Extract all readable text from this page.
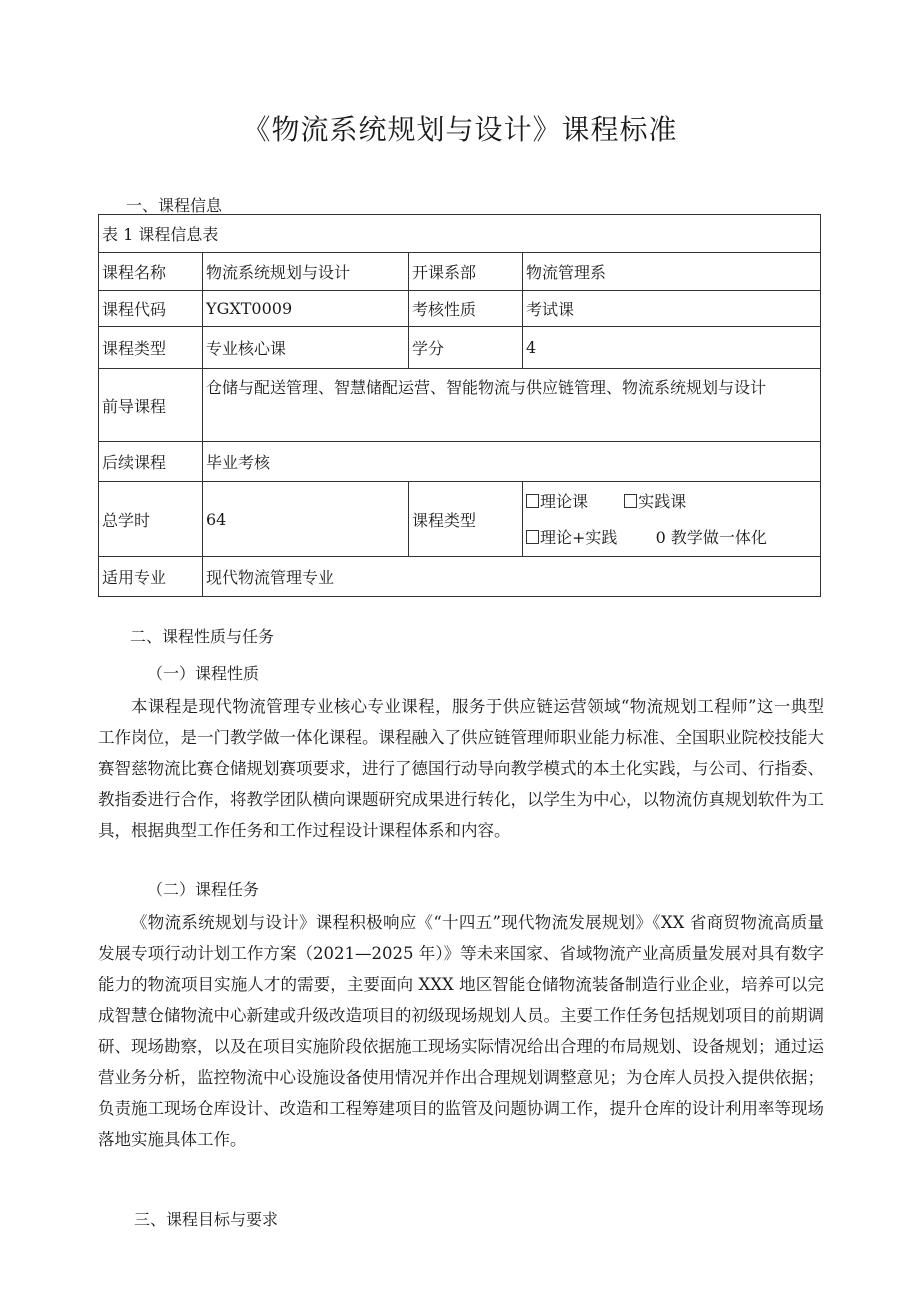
《物流系统规划与设计》课程标准
一、课程信息
表 1 课程信息表			
课程名称	物流系统规划与设计	开课系部	物流管理系
课程代码	YGXT0009	考核性质	考试课
课程类型	专业核心课	学分	4
前导课程	仓储与配送管理、智慧储配运营、智能物流与供应链管理、物流系统规划与设计		
后续课程	毕业考核		
总学时	64	课程类型	理论课 实践课
理论+实践 0 教学做一体化

适用专业	现代物流管理专业		
二、课程性质与任务
（一）课程性质

本课程是现代物流管理专业核心专业课程，服务于供应链运营领域“物流规划工程师”这一典型工作岗位，是一门教学做一体化课程。课程融入了供应链管理师职业能力标准、全国职业院校技能大赛智慈物流比赛仓储规划赛项要求，进行了德国行动导向教学模式的本土化实践，与公司、行指委、教指委进行合作，将教学团队横向课题研究成果进行转化，以学生为中心，以物流仿真规划软件为工具，根据典型工作任务和工作过程设计课程体系和内容。

（二）课程任务

《物流系统规划与设计》课程积极响应《“十四五”现代物流发展规划》《XX 省商贸物流高质量发展专项行动计划工作方案（2021—2025 年）》等未来国家、省域物流产业高质量发展对具有数字能力的物流项目实施人才的需要，主要面向 XXX 地区智能仓储物流装备制造行业企业，培养可以完成智慧仓储物流中心新建或升级改造项目的初级现场规划人员。主要工作任务包括规划项目的前期调研、现场勘察，以及在项目实施阶段依据施工现场实际情况给出合理的布局规划、设备规划；通过运营业务分析，监控物流中心设施设备使用情况并作出合理规划调整意见；为仓库人员投入提供依据；负责施工现场仓库设计、改造和工程筹建项目的监管及问题协调工作，提升仓库的设计利用率等现场落地实施具体工作。

三、课程目标与要求
